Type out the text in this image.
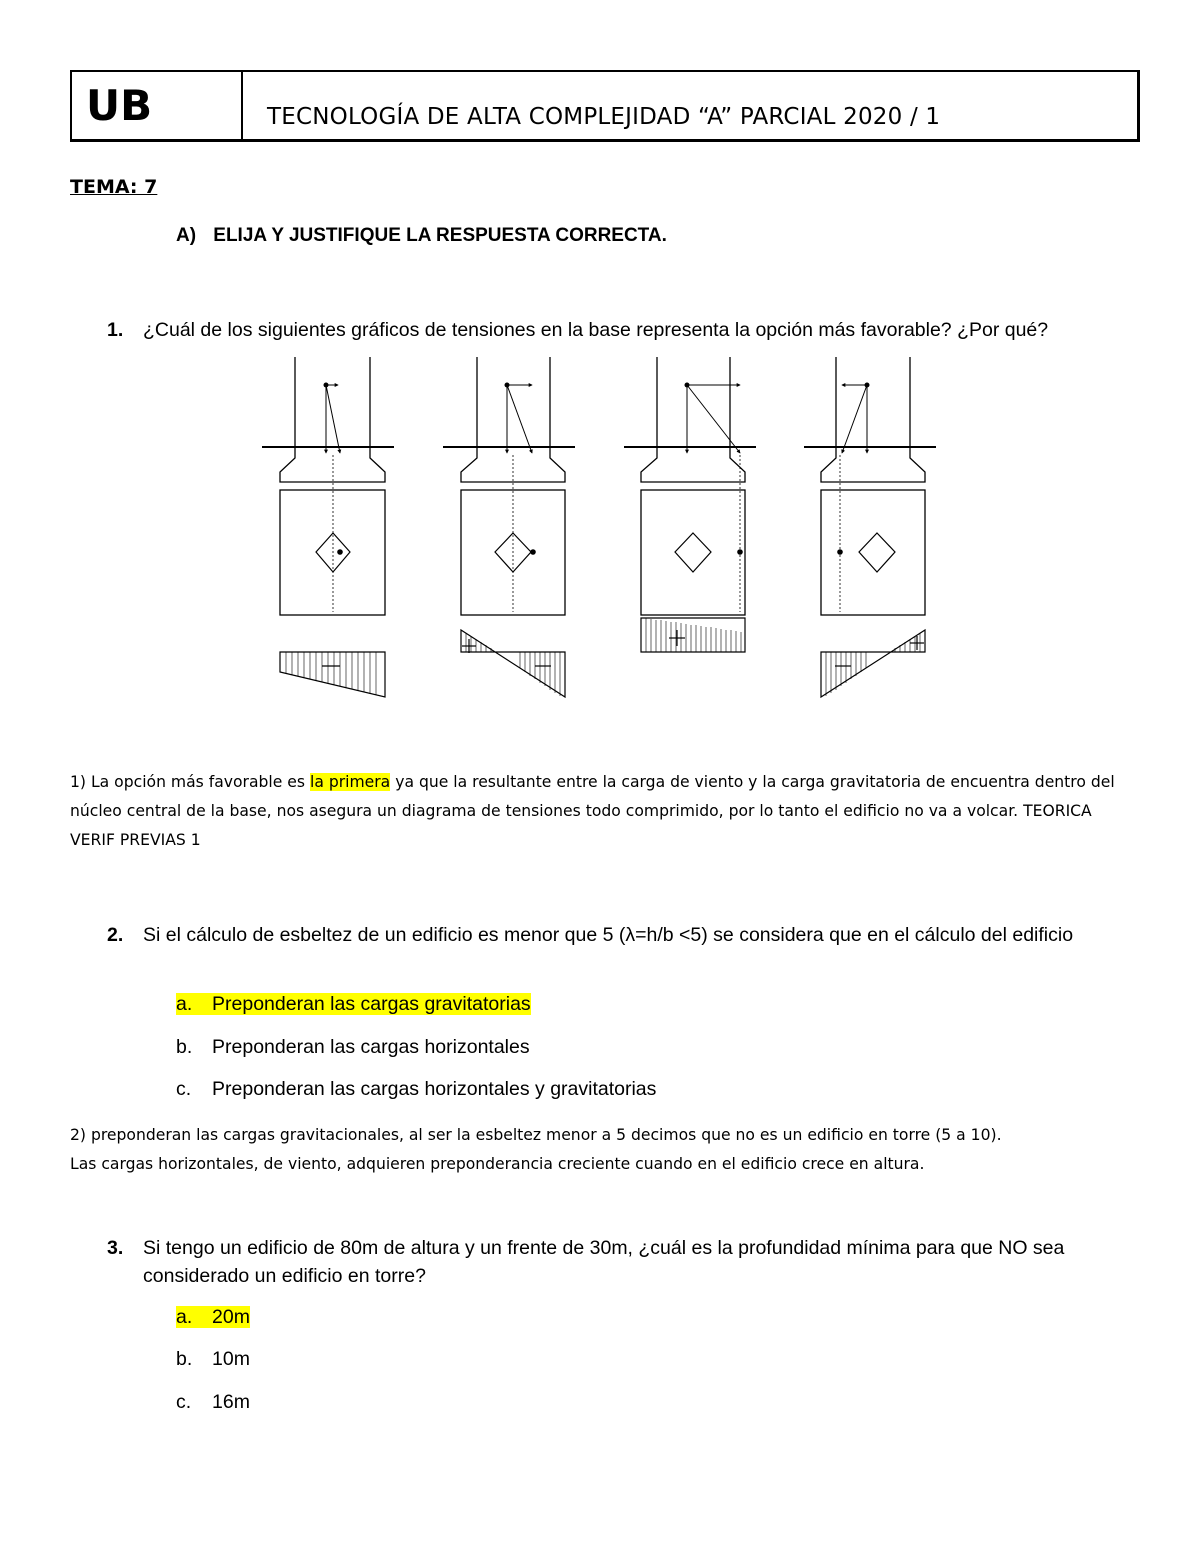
UB	TECNOLOGÍA DE ALTA COMPLEJIDAD “A” PARCIAL 2020 / 1
TEMA: 7
A) ELIJA Y JUSTIFIQUE LA RESPUESTA CORRECTA.
1. ¿Cuál de los siguientes gráficos de tensiones en la base representa la opción más favorable? ¿Por qué?
1) La opción más favorable es la primera ya que la resultante entre la carga de viento y la carga gravitatoria de encuentra dentro del núcleo central de la base, nos asegura un diagrama de tensiones todo comprimido, por lo tanto el edificio no va a volcar. TEORICA VERIF PREVIAS 1
2. Si el cálculo de esbeltez de un edificio es menor que 5 (λ=h/b <5) se considera que en el cálculo del edificio
a. Preponderan las cargas gravitatorias
b. Preponderan las cargas horizontales
c. Preponderan las cargas horizontales y gravitatorias
2) preponderan las cargas gravitacionales, al ser la esbeltez menor a 5 decimos que no es un edificio en torre (5 a 10).
Las cargas horizontales, de viento, adquieren preponderancia creciente cuando en el edificio crece en altura.
3. Si tengo un edificio de 80m de altura y un frente de 30m, ¿cuál es la profundidad mínima para que NO sea considerado un edificio en torre?
a. 20m
b. 10m
c. 16m
